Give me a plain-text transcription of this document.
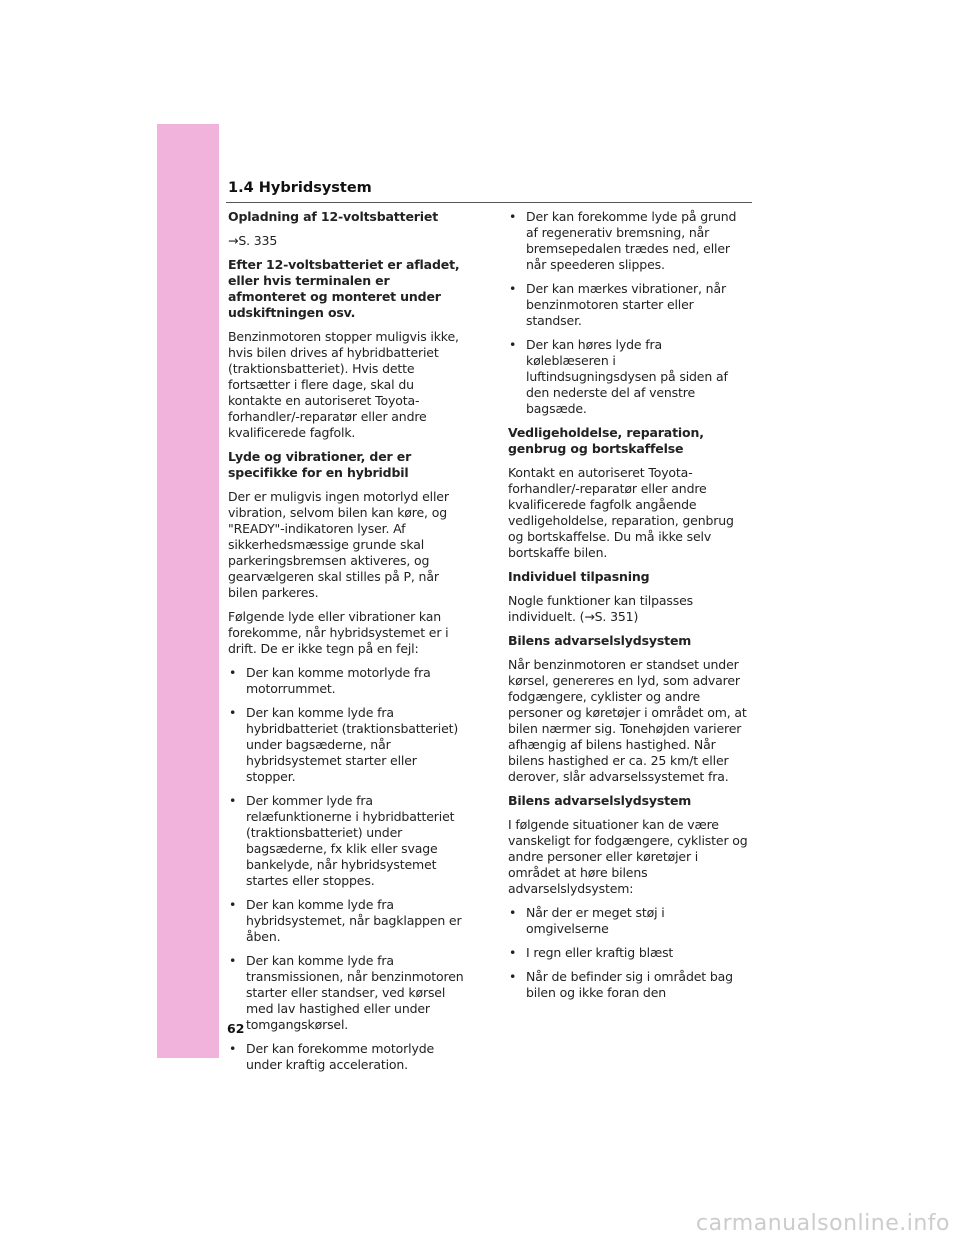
1.4 Hybridsystem
Opladning af 12-voltsbatteriet
→S. 335
Efter 12-voltsbatteriet er afladet, eller hvis terminalen er afmonteret og monteret under udskiftningen osv.
Benzinmotoren stopper muligvis ikke, hvis bilen drives af hybridbatteriet (traktionsbatteriet). Hvis dette fortsætter i flere dage, skal du kontakte en autoriseret Toyota-forhandler/-reparatør eller andre kvalificerede fagfolk.
Lyde og vibrationer, der er specifikke for en hybridbil
Der er muligvis ingen motorlyd eller vibration, selvom bilen kan køre, og "READY"-indikatoren lyser. Af sikkerhedsmæssige grunde skal parkeringsbremsen aktiveres, og gearvælgeren skal stilles på P, når bilen parkeres.
Følgende lyde eller vibrationer kan forekomme, når hybridsystemet er i drift. De er ikke tegn på en fejl:
• Der kan komme motorlyde fra motorrummet.
• Der kan komme lyde fra hybridbatteriet (traktionsbatteriet) under bagsæderne, når hybridsystemet starter eller stopper.
• Der kommer lyde fra relæfunktionerne i hybridbatteriet (traktionsbatteriet) under bagsæderne, fx klik eller svage bankelyde, når hybridsystemet startes eller stoppes.
• Der kan komme lyde fra hybridsystemet, når bagklappen er åben.
• Der kan komme lyde fra transmissionen, når benzinmotoren starter eller standser, ved kørsel med lav hastighed eller under tomgangskørsel.
• Der kan forekomme motorlyde under kraftig acceleration.
• Der kan forekomme lyde på grund af regenerativ bremsning, når bremsepedalen trædes ned, eller når speederen slippes.
• Der kan mærkes vibrationer, når benzinmotoren starter eller standser.
• Der kan høres lyde fra køleblæseren i luftindsugningsdysen på siden af den nederste del af venstre bagsæde.
Vedligeholdelse, reparation, genbrug og bortskaffelse
Kontakt en autoriseret Toyota-forhandler/-reparatør eller andre kvalificerede fagfolk angående vedligeholdelse, reparation, genbrug og bortskaffelse. Du må ikke selv bortskaffe bilen.
Individuel tilpasning
Nogle funktioner kan tilpasses individuelt. (→S. 351)
Bilens advarselslydsystem
Når benzinmotoren er standset under kørsel, genereres en lyd, som advarer fodgængere, cyklister og andre personer og køretøjer i området om, at bilen nærmer sig. Tonehøjden varierer afhængig af bilens hastighed. Når bilens hastighed er ca. 25 km/t eller derover, slår advarselssystemet fra.
Bilens advarselslydsystem
I følgende situationer kan de være vanskeligt for fodgængere, cyklister og andre personer eller køretøjer i området at høre bilens advarselslydsystem:
• Når der er meget støj i omgivelserne
• I regn eller kraftig blæst
• Når de befinder sig i området bag bilen og ikke foran den
62
carmanualsonline.info
